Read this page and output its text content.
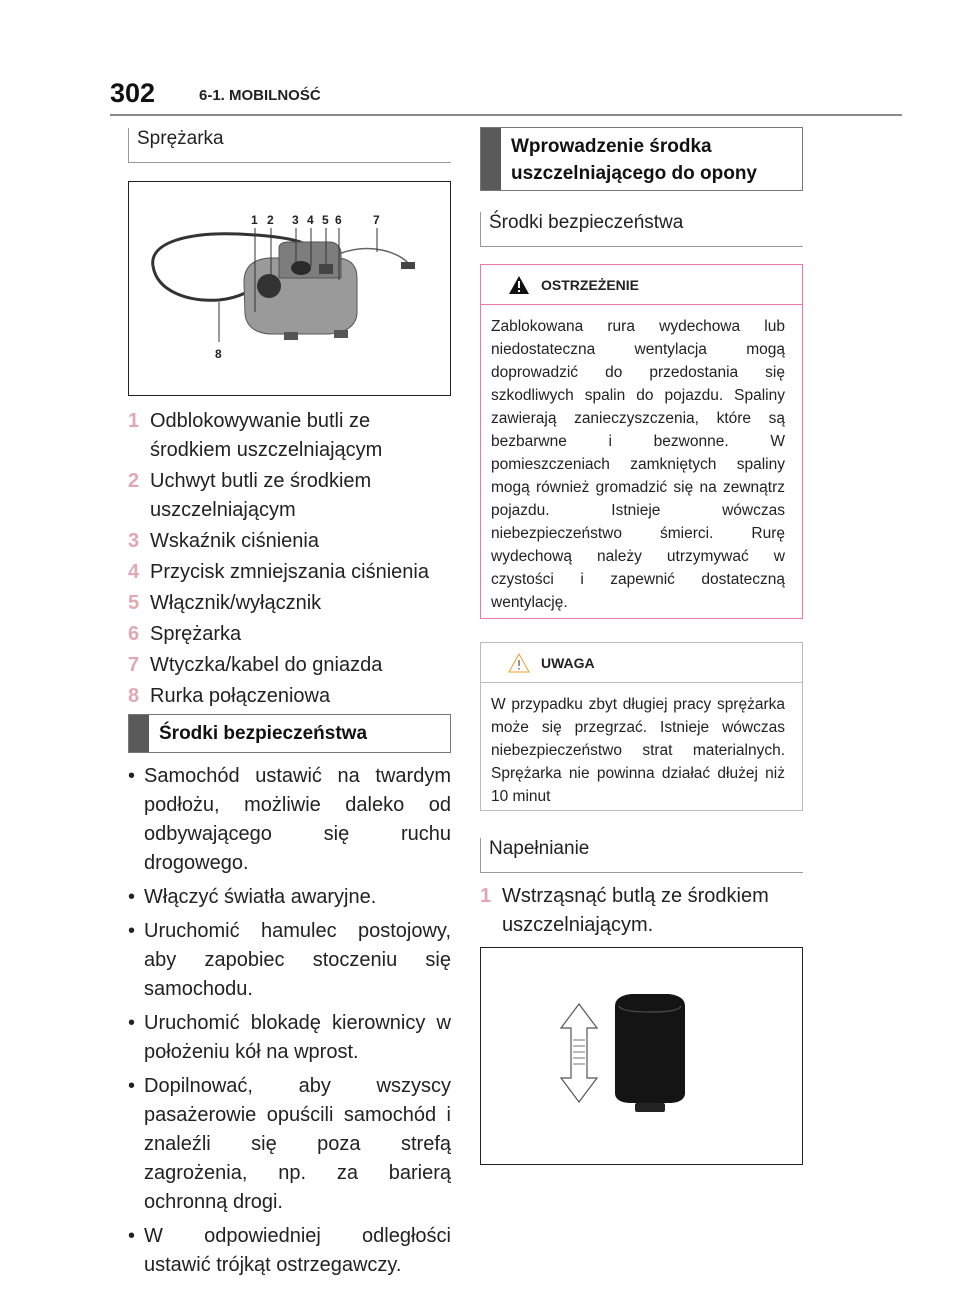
302	6-1. MOBILNOŚĆ
Sprężarka
1 2 3 4 5 6	7
8
1 Odblokowywanie butli ze środkiem uszczelniającym
2 Uchwyt butli ze środkiem uszczelniającym
3 Wskaźnik ciśnienia
4 Przycisk zmniejszania ciśnienia
5 Włącznik/wyłącznik
6 Sprężarka
7 Wtyczka/kabel do gniazda
8 Rurka połączeniowa
Środki bezpieczeństwa
• Samochód ustawić na twardym podłożu, możliwie daleko od odbywającego się ruchu drogowego.
• Włączyć światła awaryjne.
• Uruchomić hamulec postojowy, aby zapobiec stoczeniu się samochodu.
• Uruchomić blokadę kierownicy w położeniu kół na wprost.
• Dopilnować, aby wszyscy pasażerowie opuścili samochód i znaleźli się poza strefą zagrożenia, np. za barierą ochronną drogi.
• W odpowiedniej odległości ustawić trójkąt ostrzegawczy.
Wprowadzenie środka uszczelniającego do opony
Środki bezpieczeństwa
OSTRZEŻENIE
Zablokowana rura wydechowa lub niedostateczna wentylacja mogą doprowadzić do przedostania się szkodliwych spalin do pojazdu. Spaliny zawierają zanieczyszczenia, które są bezbarwne i bezwonne. W pomieszczeniach zamkniętych spaliny mogą również gromadzić się na zewnątrz pojazdu. Istnieje wówczas niebezpieczeństwo śmierci. Rurę wydechową należy utrzymywać w czystości i zapewnić dostateczną wentylację.
UWAGA
W przypadku zbyt długiej pracy sprężarka może się przegrzać. Istnieje wówczas niebezpieczeństwo strat materialnych. Sprężarka nie powinna działać dłużej niż 10 minut
Napełnianie
1 Wstrząsnąć butlą ze środkiem uszczelniającym.
